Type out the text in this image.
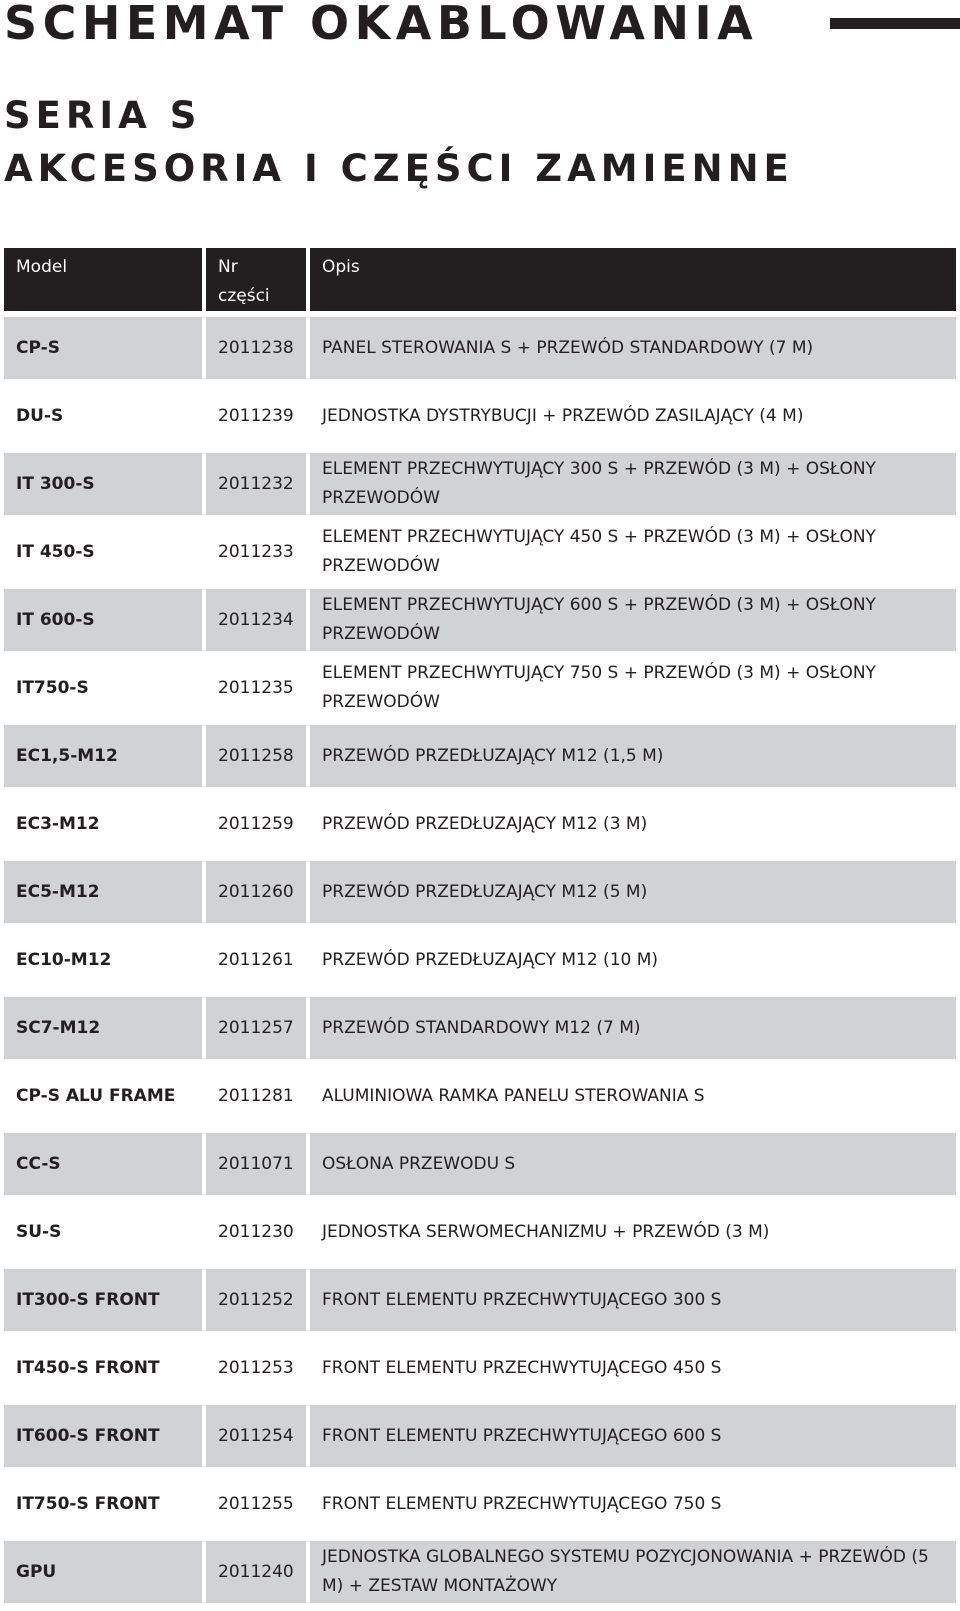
SCHEMAT OKABLOWANIA
SERIA S
AKCESORIA I CZĘŚCI ZAMIENNE
Model	Nr części	Opis
CP-S	2011238	PANEL STEROWANIA S + PRZEWÓD STANDARDOWY (7 M)
DU-S	2011239	JEDNOSTKA DYSTRYBUCJI + PRZEWÓD ZASILAJĄCY (4 M)
IT 300-S	2011232	ELEMENT PRZECHWYTUJĄCY 300 S + PRZEWÓD (3 M) + OSŁONY PRZEWODÓW
IT 450-S	2011233	ELEMENT PRZECHWYTUJĄCY 450 S + PRZEWÓD (3 M) + OSŁONY PRZEWODÓW
IT 600-S	2011234	ELEMENT PRZECHWYTUJĄCY 600 S + PRZEWÓD (3 M) + OSŁONY PRZEWODÓW
IT750-S	2011235	ELEMENT PRZECHWYTUJĄCY 750 S + PRZEWÓD (3 M) + OSŁONY PRZEWODÓW
EC1,5-M12	2011258	PRZEWÓD PRZEDŁUZAJĄCY M12 (1,5 M)
EC3-M12	2011259	PRZEWÓD PRZEDŁUZAJĄCY M12 (3 M)
EC5-M12	2011260	PRZEWÓD PRZEDŁUZAJĄCY M12 (5 M)
EC10-M12	2011261	PRZEWÓD PRZEDŁUZAJĄCY M12 (10 M)
SC7-M12	2011257	PRZEWÓD STANDARDOWY M12 (7 M)
CP-S ALU FRAME	2011281	ALUMINIOWA RAMKA PANELU STEROWANIA S
CC-S	2011071	OSŁONA PRZEWODU S
SU-S	2011230	JEDNOSTKA SERWOMECHANIZMU + PRZEWÓD (3 M)
IT300-S FRONT	2011252	FRONT ELEMENTU PRZECHWYTUJĄCEGO 300 S
IT450-S FRONT	2011253	FRONT ELEMENTU PRZECHWYTUJĄCEGO 450 S
IT600-S FRONT	2011254	FRONT ELEMENTU PRZECHWYTUJĄCEGO 600 S
IT750-S FRONT	2011255	FRONT ELEMENTU PRZECHWYTUJĄCEGO 750 S
GPU	2011240	JEDNOSTKA GLOBALNEGO SYSTEMU POZYCJONOWANIA + PRZEWÓD (5 M) + ZESTAW MONTAŻOWY
